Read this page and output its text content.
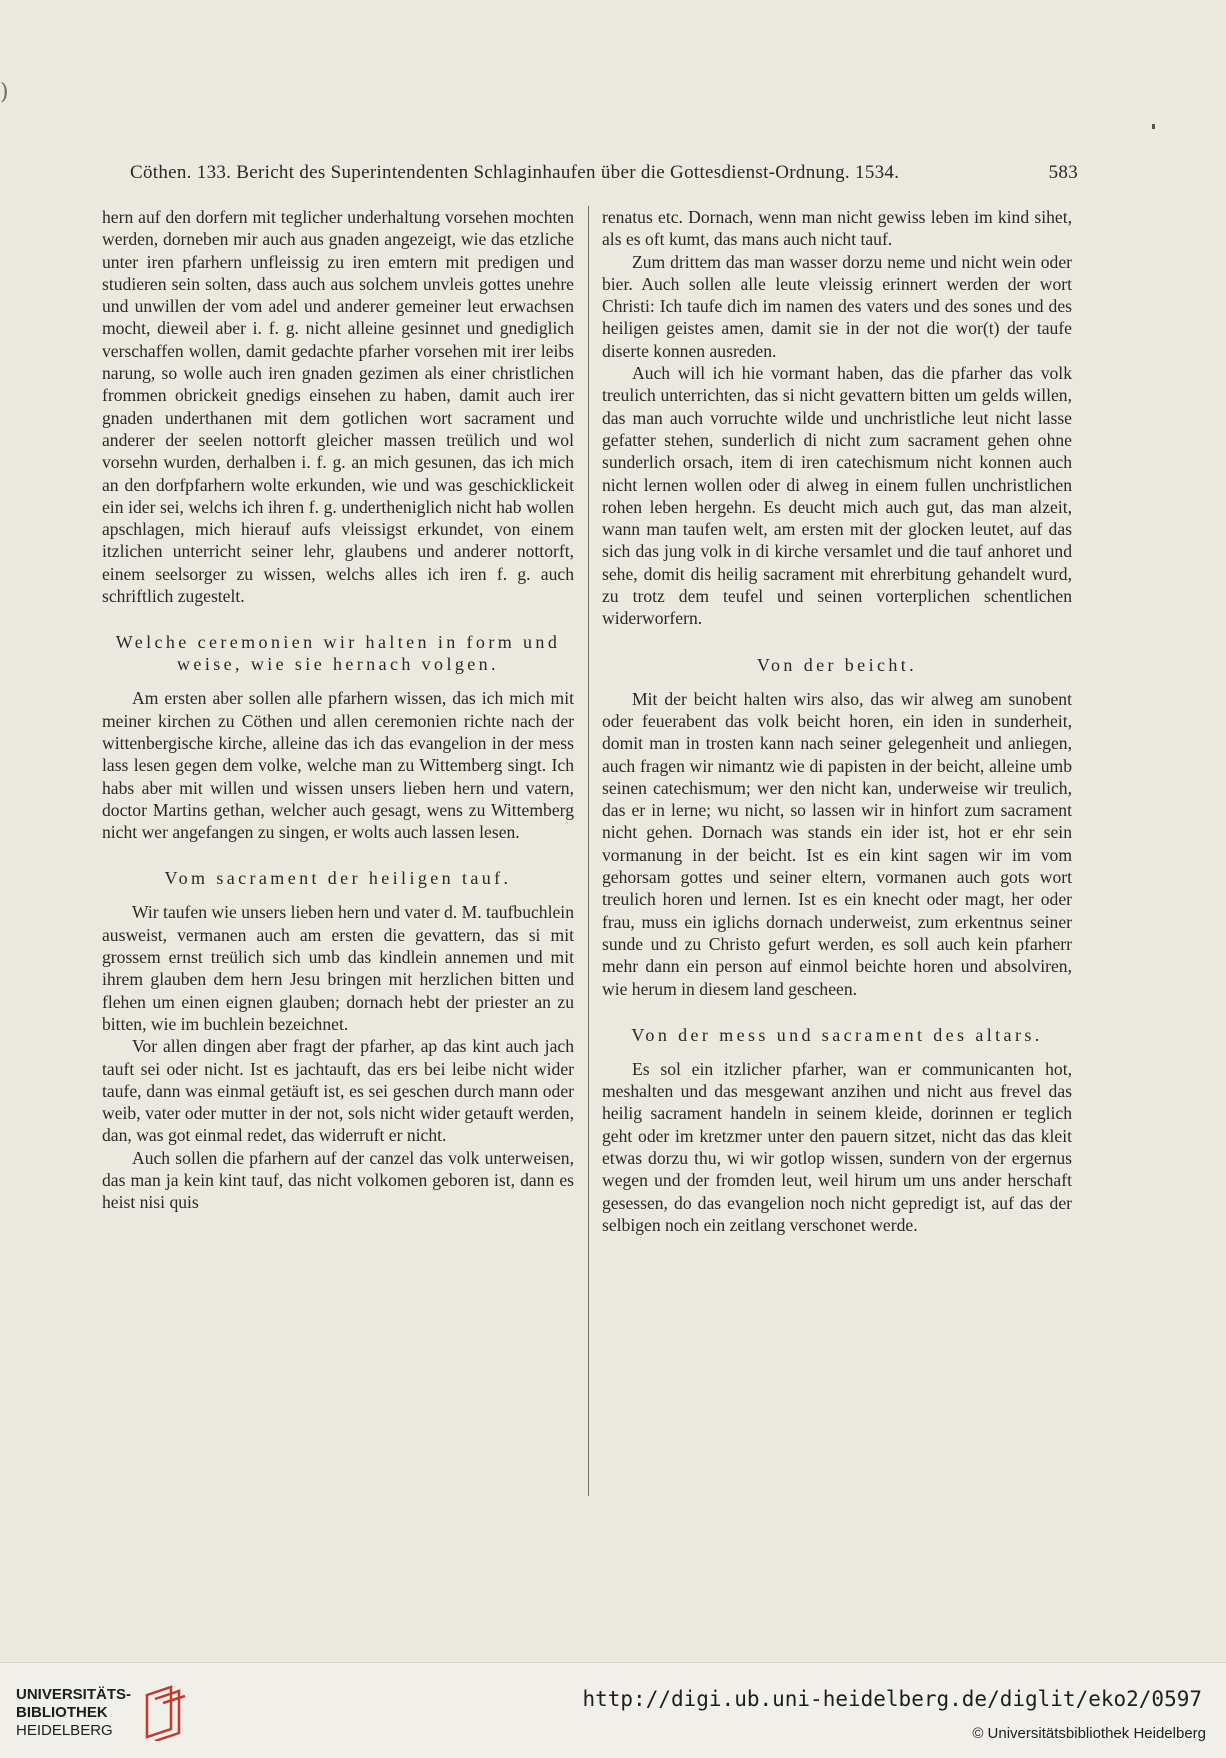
)
Cöthen. 133. Bericht des Superintendenten Schlaginhaufen über die Gottesdienst-Ordnung. 1534.	583

hern auf den dorfern mit teglicher underhaltung vorsehen mochten werden, dorneben mir auch aus gnaden angezeigt, wie das etzliche unter iren pfarhern unfleissig zu iren emtern mit predigen und studieren sein solten, dass auch aus solchem unvleis gottes unehre und unwillen der vom adel und anderer gemeiner leut erwachsen mocht, dieweil aber i. f. g. nicht alleine gesinnet und gnediglich verschaffen wollen, damit gedachte pfarher vorsehen mit irer leibs narung, so wolle auch iren gnaden gezimen als einer christlichen frommen obrickeit gnedigs einsehen zu haben, damit auch irer gnaden underthanen mit dem gotlichen wort sacrament und anderer der seelen nottorft gleicher massen treülich und wol vorsehn wurden, derhalben i. f. g. an mich gesunen, das ich mich an den dorfpfarhern wolte erkunden, wie und was geschicklickeit ein ider sei, welchs ich ihren f. g. undertheniglich nicht hab wollen apschlagen, mich hierauf aufs vleissigst erkundet, von einem itzlichen unterricht seiner lehr, glaubens und anderer nottorft, einem seelsorger zu wissen, welchs alles ich iren f. g. auch schriftlich zugestelt.

Welche ceremonien wir halten in form und weise, wie sie hernach volgen.

Am ersten aber sollen alle pfarhern wissen, das ich mich mit meiner kirchen zu Cöthen und allen ceremonien richte nach der wittenbergische kirche, alleine das ich das evangelion in der mess lass lesen gegen dem volke, welche man zu Wittemberg singt. Ich habs aber mit willen und wissen unsers lieben hern und vatern, doctor Martins gethan, welcher auch gesagt, wens zu Wittemberg nicht wer angefangen zu singen, er wolts auch lassen lesen.

Vom sacrament der heiligen tauf.

Wir taufen wie unsers lieben hern und vater d. M. taufbuchlein ausweist, vermanen auch am ersten die gevattern, das si mit grossem ernst treülich sich umb das kindlein annemen und mit ihrem glauben dem hern Jesu bringen mit herzlichen bitten und flehen um einen eignen glauben; dornach hebt der priester an zu bitten, wie im buchlein bezeichnet.

Vor allen dingen aber fragt der pfarher, ap das kint auch jach tauft sei oder nicht. Ist es jachtauft, das ers bei leibe nicht wider taufe, dann was einmal getäuft ist, es sei geschen durch mann oder weib, vater oder mutter in der not, sols nicht wider getauft werden, dan, was got einmal redet, das widerruft er nicht.

Auch sollen die pfarhern auf der canzel das volk unterweisen, das man ja kein kint tauf, das nicht volkomen geboren ist, dann es heist nisi quis

renatus etc. Dornach, wenn man nicht gewiss leben im kind sihet, als es oft kumt, das mans auch nicht tauf.

Zum drittem das man wasser dorzu neme und nicht wein oder bier. Auch sollen alle leute vleissig erinnert werden der wort Christi: Ich taufe dich im namen des vaters und des sones und des heiligen geistes amen, damit sie in der not die wor(t) der taufe diserte konnen ausreden.

Auch will ich hie vormant haben, das die pfarher das volk treulich unterrichten, das si nicht gevattern bitten um gelds willen, das man auch vorruchte wilde und unchristliche leut nicht lasse gefatter stehen, sunderlich di nicht zum sacrament gehen ohne sunderlich orsach, item di iren catechismum nicht konnen auch nicht lernen wollen oder di alweg in einem fullen unchristlichen rohen leben hergehn. Es deucht mich auch gut, das man alzeit, wann man taufen welt, am ersten mit der glocken leutet, auf das sich das jung volk in di kirche versamlet und die tauf anhoret und sehe, domit dis heilig sacrament mit ehrerbitung gehandelt wurd, zu trotz dem teufel und seinen vorterplichen schentlichen widerworfern.

Von der beicht.

Mit der beicht halten wirs also, das wir alweg am sunobent oder feuerabent das volk beicht horen, ein iden in sunderheit, domit man in trosten kann nach seiner gelegenheit und anliegen, auch fragen wir nimantz wie di papisten in der beicht, alleine umb seinen catechismum; wer den nicht kan, underweise wir treulich, das er in lerne; wu nicht, so lassen wir in hinfort zum sacrament nicht gehen. Dornach was stands ein ider ist, hot er ehr sein vormanung in der beicht. Ist es ein kint sagen wir im vom gehorsam gottes und seiner eltern, vormanen auch gots wort treulich horen und lernen. Ist es ein knecht oder magt, her oder frau, muss ein iglichs dornach underweist, zum erkentnus seiner sunde und zu Christo gefurt werden, es soll auch kein pfarherr mehr dann ein person auf einmol beichte horen und absolviren, wie herum in diesem land gescheen.

Von der mess und sacrament des altars.

Es sol ein itzlicher pfarher, wan er communicanten hot, meshalten und das mesgewant anzihen und nicht aus frevel das heilig sacrament handeln in seinem kleide, dorinnen er teglich geht oder im kretzmer unter den pauern sitzet, nicht das das kleit etwas dorzu thu, wi wir gotlop wissen, sundern von der ergernus wegen und der fromden leut, weil hirum um uns ander herschaft gesessen, do das evangelion noch nicht gepredigt ist, auf das der selbigen noch ein zeitlang verschonet werde.

UNIVERSITÄTS-
BIBLIOTHEK
HEIDELBERG
http://digi.ub.uni-heidelberg.de/diglit/eko2/0597
© Universitätsbibliothek Heidelberg
